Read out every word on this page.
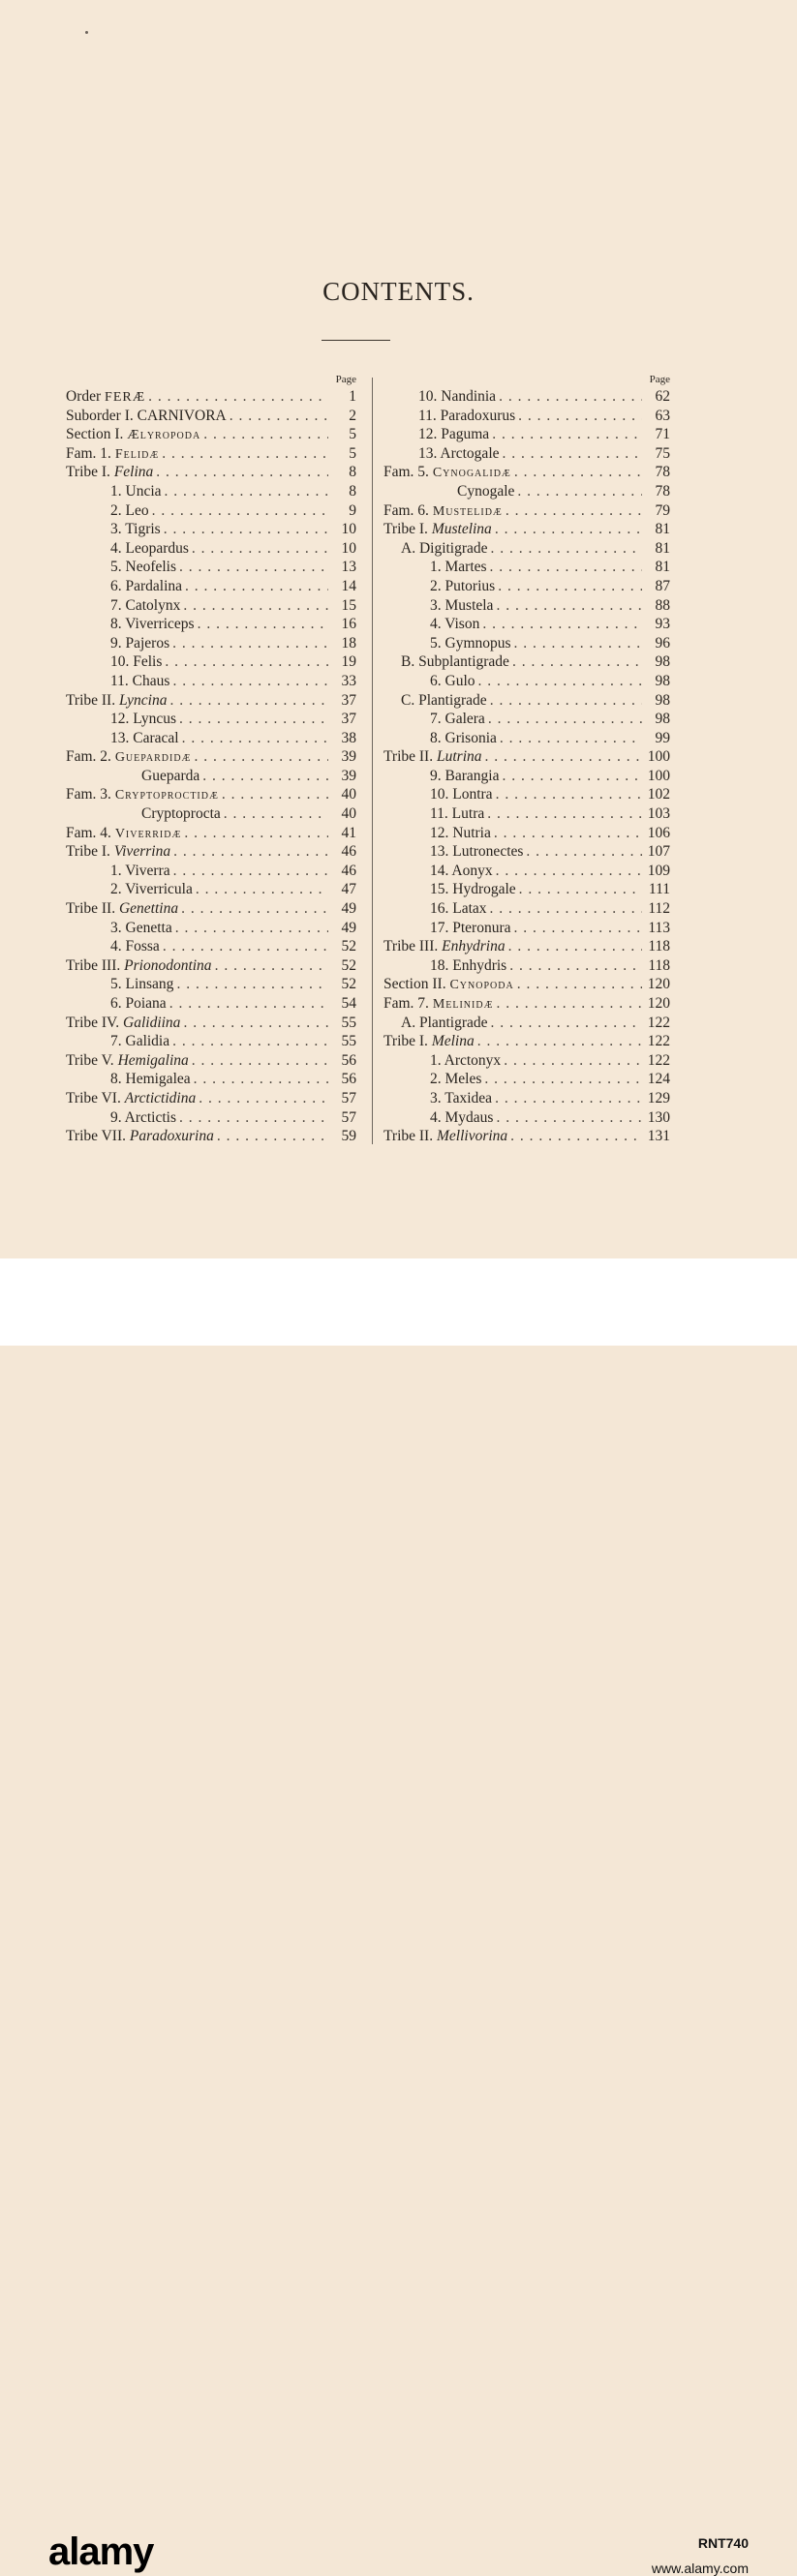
CONTENTS.
Page
Order FERÆ . . .	1
Suborder I. CARNIVORA . . .	2
Section I. Ælυropoda . . .	5
Fam. 1. Felidæ . . .	5
Tribe I. Felina . . .	8
1. Uncia . . .	8
2. Leo . . .	9
3. Tigris . . .	10
4. Leopardus . . .	10
5. Neofelis . . .	13
6. Pardalina . . .	14
7. Catolynx . . .	15
8. Viverriceps . . .	16
9. Pajeros . . .	18
10. Felis . . .	19
11. Chaus . . .	33
Tribe II. Lyncina . . .	37
12. Lyncus . . .	37
13. Caracal . . .	38
Fam. 2. Guepardidæ . . .	39
Gueparda . . .	39
Fam. 3. Cryptoproctidæ . . .	40
Cryptoprocta . . .	40
Fam. 4. Viverridæ . . .	41
Tribe I. Viverrina . . .	46
1. Viverra . . .	46
2. Viverricula . . .	47
Tribe II. Genettina . . .	49
3. Genetta . . .	49
4. Fossa . . .	52
Tribe III. Prionodontina . . .	52
5. Linsang . . .	52
6. Poiana . . .	54
Tribe IV. Galidiina . . .	55
7. Galidia . . .	55
Tribe V. Hemigalina . . .	56
8. Hemigalea . . .	56
Tribe VI. Arctictidina . . .	57
9. Arctictis . . .	57
Tribe VII. Paradoxurina . . .	59
Page
10. Nandinia . . .	62
11. Paradoxurus . . .	63
12. Paguma . . .	71
13. Arctogale . . .	75
Fam. 5. Cynogalidæ . . .	78
Cynogale . . .	78
Fam. 6. Mustelidæ . . .	79
Tribe I. Mustelina . . .	81
A. Digitigrade . . .	81
1. Martes . . .	81
2. Putorius . . .	87
3. Mustela . . .	88
4. Vison . . .	93
5. Gymnopus . . .	96
B. Subplantigrade . . .	98
6. Gulo . . .	98
C. Plantigrade . . .	98
7. Galera . . .	98
8. Grisonia . . .	99
Tribe II. Lutrina . . .	100
9. Barangia . . .	100
10. Lontra . . .	102
11. Lutra . . .	103
12. Nutria . . .	106
13. Lutronectes . . .	107
14. Aonyx . . .	109
15. Hydrogale . . .	111
16. Latax . . .	112
17. Pteronura . . .	113
Tribe III. Enhydrina . . .	118
18. Enhydris . . .	118
Section II. Cynopoda . . .	120
Fam. 7. Melinidæ . . .	120
A. Plantigrade . . .	122
Tribe I. Melina . . .	122
1. Arctonyx . . .	122
2. Meles . . .	124
3. Taxidea . . .	129
4. Mydaus . . .	130
Tribe II. Mellivorina . . .	131
alamy	RNT740
www.alamy.com
